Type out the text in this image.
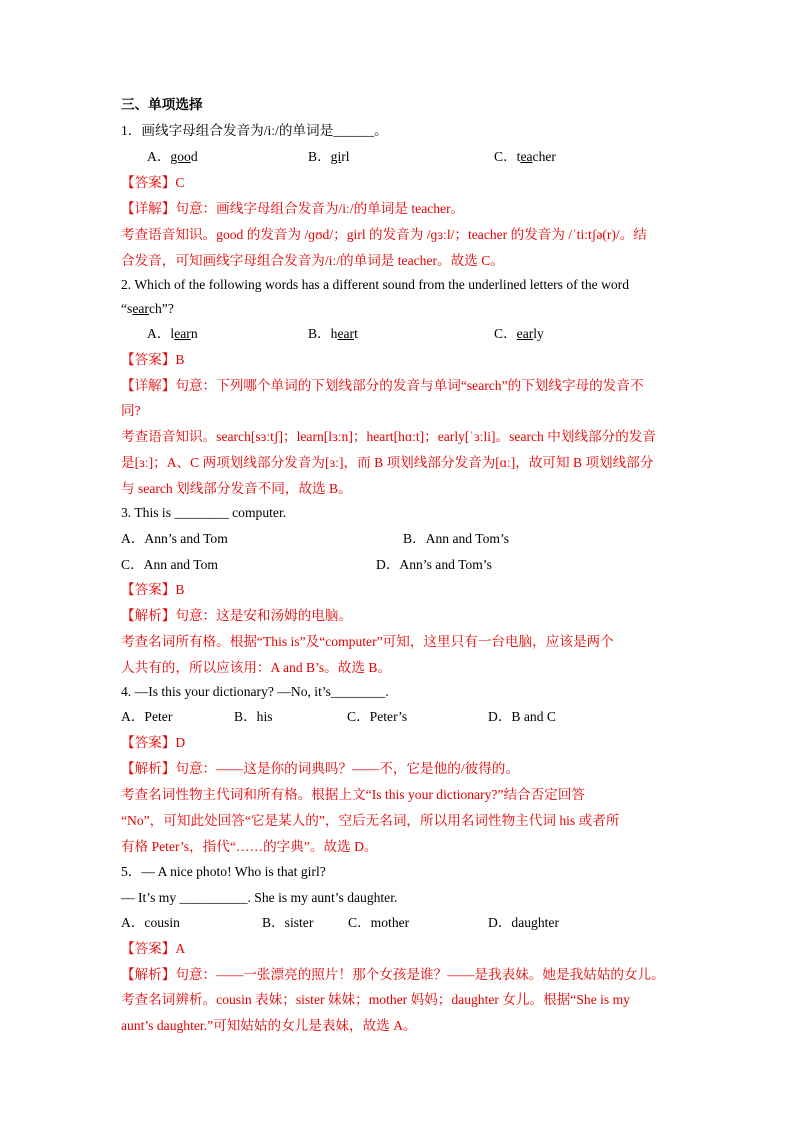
三、单项选择
1．画线字母组合发音为/iː/的单词是______。
A．good	B．girl	C．teacher
【答案】C
【详解】句意：画线字母组合发音为/iː/的单词是 teacher。
考查语音知识。good 的发音为 /ɡʊd/；girl 的发音为 /ɡɜːl/；teacher 的发音为 /ˈtiːtʃə(r)/。结
合发音，可知画线字母组合发音为/iː/的单词是 teacher。故选 C。
2. Which of the following words has a different sound from the underlined letters of the word
“search”?
A．learn	B．heart	C．early
【答案】B
【详解】句意：下列哪个单词的下划线部分的发音与单词“search”的下划线字母的发音不
同?
考查语音知识。search[sɜːtʃ]；learn[lɜːn]；heart[hɑːt]；early[ˈɜːli]。search 中划线部分的发音
是[ɜː]；A、C 两项划线部分发音为[ɜː]，而 B 项划线部分发音为[ɑː]，故可知 B 项划线部分
与 search 划线部分发音不同，故选 B。
3. This is ________ computer.
A．Ann’s and Tom	B．Ann and Tom’s
C．Ann and Tom	D．Ann’s and Tom’s
【答案】B
【解析】句意：这是安和汤姆的电脑。
考查名词所有格。根据“This is”及“computer”可知，这里只有一台电脑，应该是两个
人共有的，所以应该用：A and B’s。故选 B。
4. —Is this your dictionary? —No, it’s________.
A．Peter	B．his	C．Peter’s	D．B and C
【答案】D
【解析】句意：——这是你的词典吗？——不，它是他的/彼得的。
考查名词性物主代词和所有格。根据上文“Is this your dictionary?”结合否定回答
“No”，可知此处回答“它是某人的”，空后无名词，所以用名词性物主代词 his 或者所
有格 Peter’s，指代“……的字典”。故选 D。
5．— A nice photo! Who is that girl?
— It’s my __________. She is my aunt’s daughter.
A．cousin	B．sister	C．mother	D．daughter
【答案】A
【解析】句意：——一张漂亮的照片！那个女孩是谁？——是我表妹。她是我姑姑的女儿。
考查名词辨析。cousin 表妹；sister 妹妹；mother 妈妈；daughter 女儿。根据“She is my
aunt’s daughter.”可知姑姑的女儿是表妹，故选 A。
